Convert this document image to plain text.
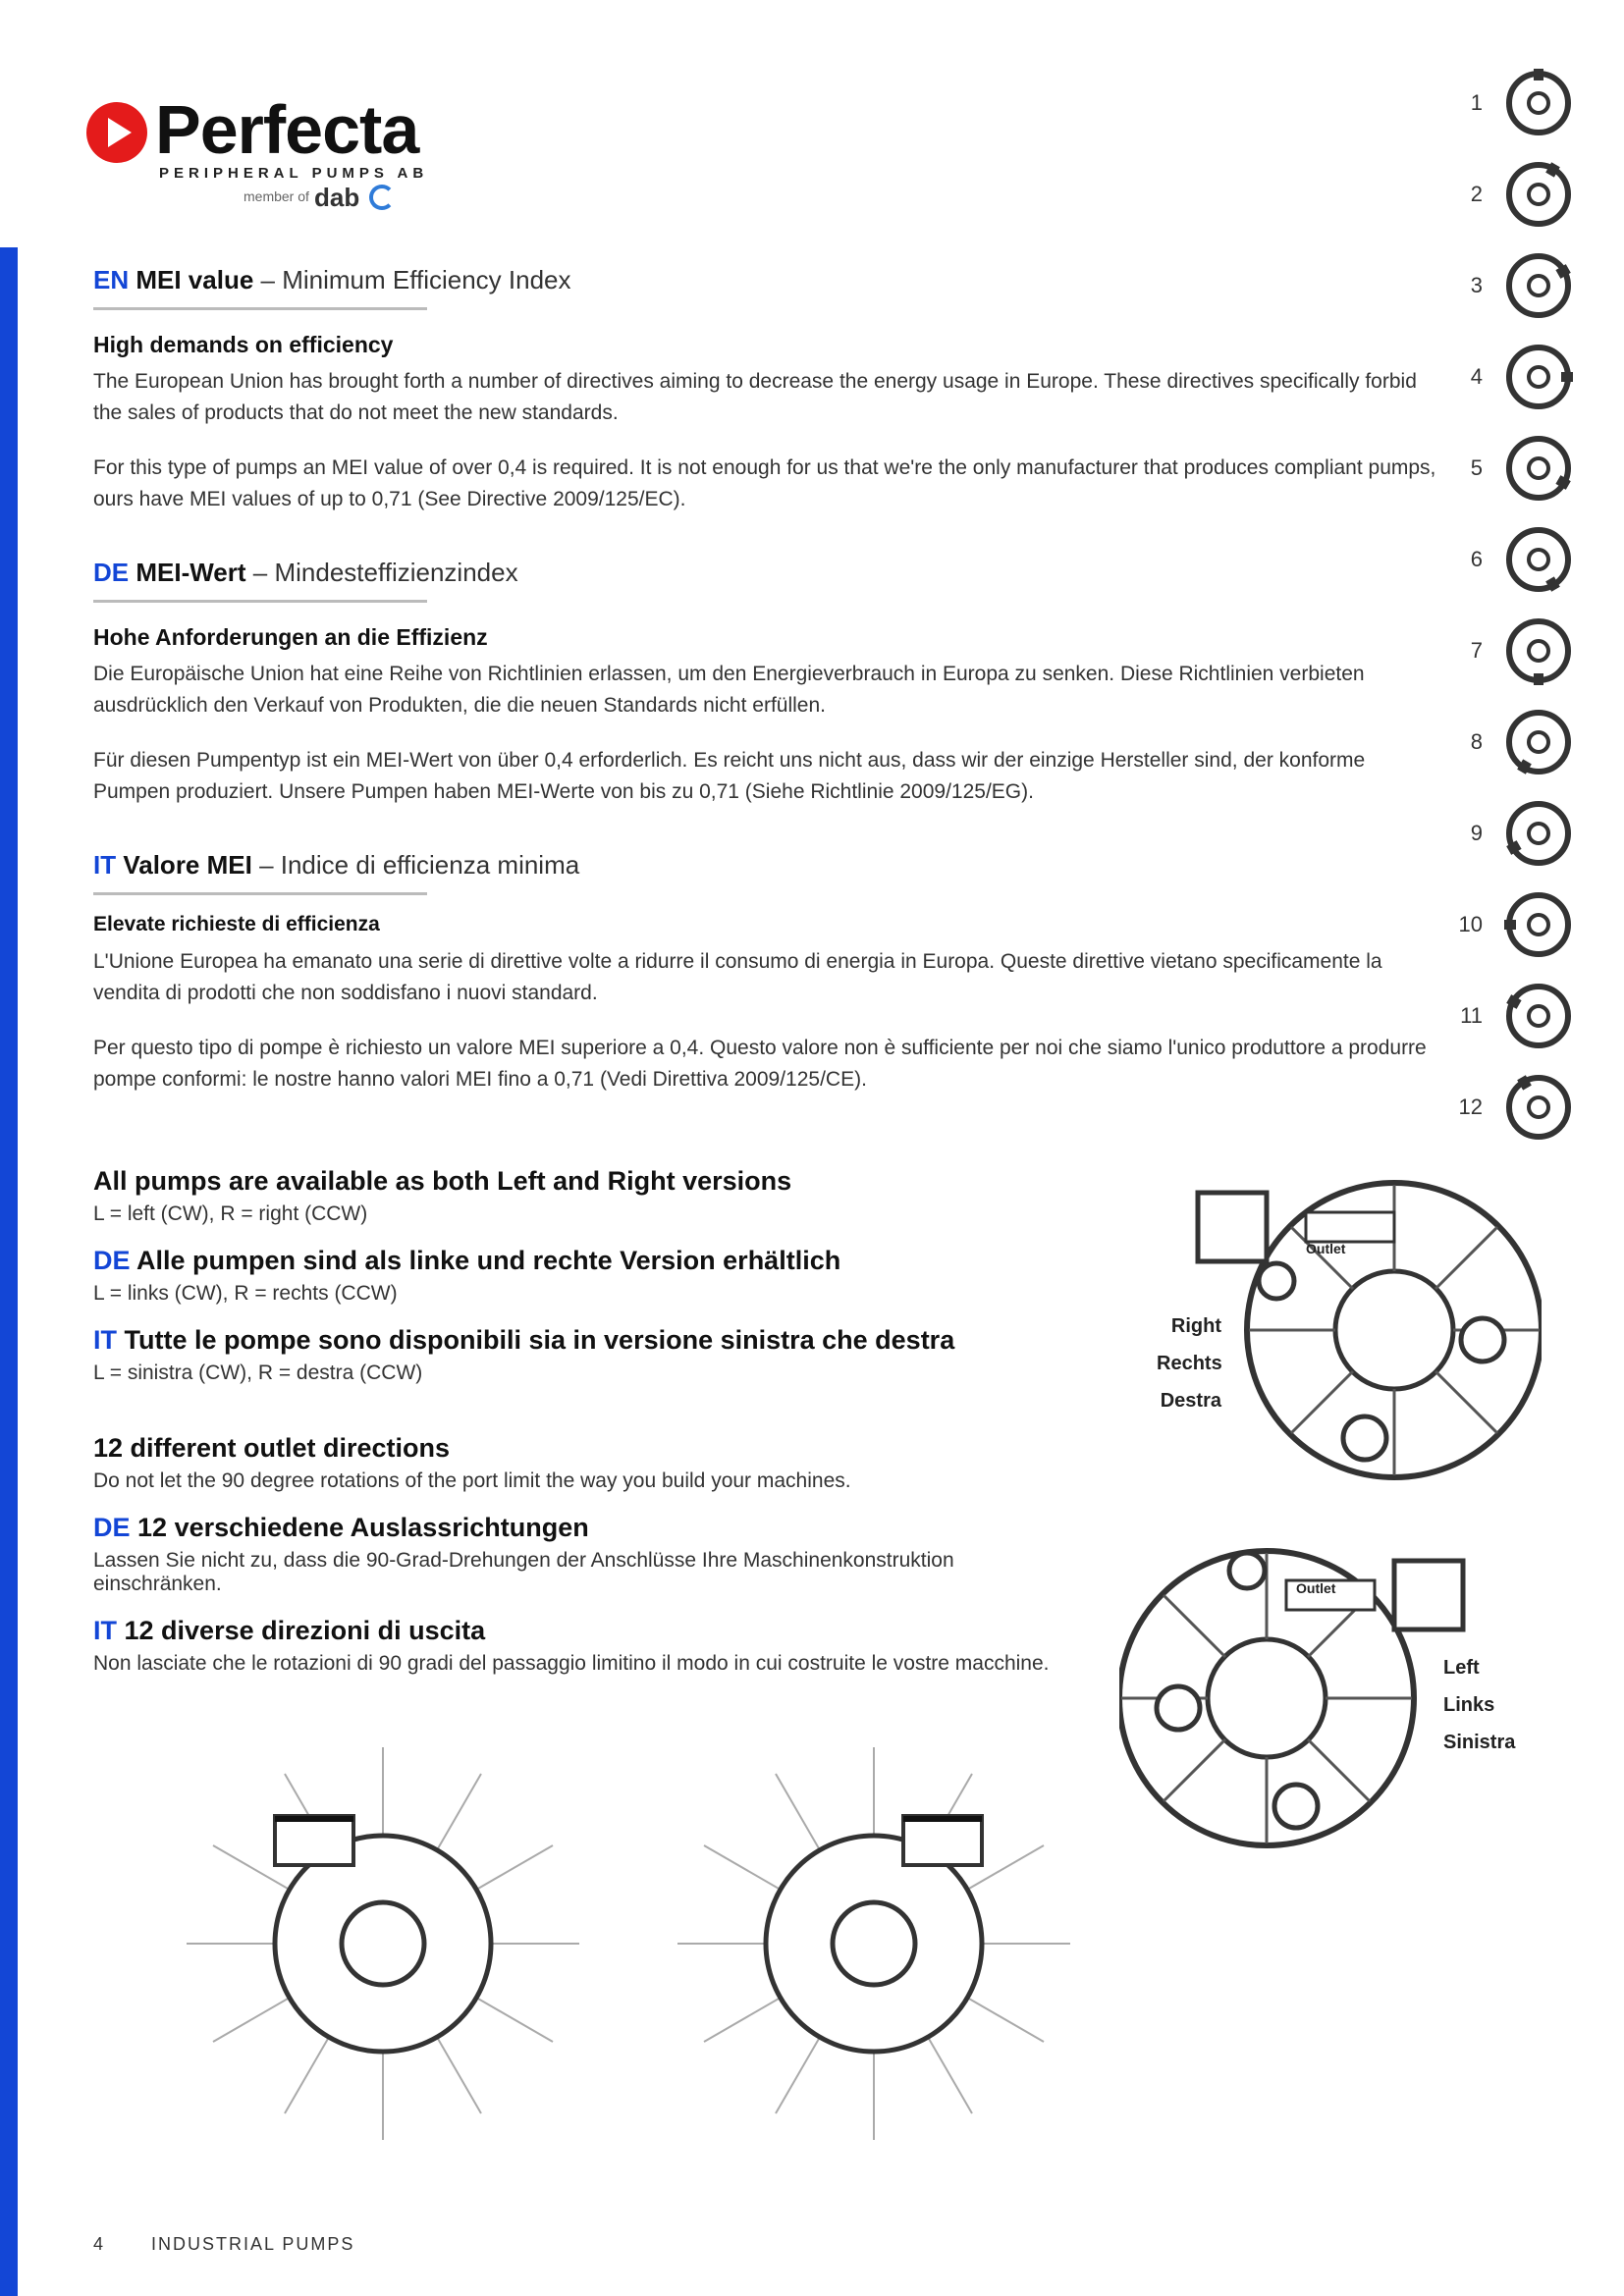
Perfecta
PERIPHERAL PUMPS AB
member of dab

EN MEI value – Minimum Efficiency Index

High demands on efficiency

The European Union has brought forth a number of directives aiming to decrease the energy usage in Europe. These directives specifically forbid the sales of products that do not meet the new standards.

For this type of pumps an MEI value of over 0,4 is required. It is not enough for us that we're the only manufacturer that produces compliant pumps, ours have MEI values of up to 0,71 (See Directive 2009/125/EC).

DE MEI-Wert – Mindesteffizienzindex

Hohe Anforderungen an die Effizienz

Die Europäische Union hat eine Reihe von Richtlinien erlassen, um den Energieverbrauch in Europa zu senken. Diese Richtlinien verbieten ausdrücklich den Verkauf von Produkten, die die neuen Standards nicht erfüllen.

Für diesen Pumpentyp ist ein MEI-Wert von über 0,4 erforderlich. Es reicht uns nicht aus, dass wir der einzige Hersteller sind, der konforme Pumpen produziert. Unsere Pumpen haben MEI-Werte von bis zu 0,71 (Siehe Richtlinie 2009/125/EG).

IT Valore MEI – Indice di efficienza minima

Elevate richieste di efficienza

L'Unione Europea ha emanato una serie di direttive volte a ridurre il consumo di energia in Europa. Queste direttive vietano specificamente la vendita di prodotti che non soddisfano i nuovi standard.

Per questo tipo di pompe è richiesto un valore MEI superiore a 0,4. Questo valore non è sufficiente per noi che siamo l'unico produttore a produrre pompe conformi: le nostre hanno valori MEI fino a 0,71 (Vedi Direttiva 2009/125/CE).

All pumps are available as both Left and Right versions

L = left (CW), R = right (CCW)

DE Alle pumpen sind als linke und rechte Version erhältlich

L = links (CW), R = rechts (CCW)

IT Tutte le pompe sono disponibili sia in versione sinistra che destra

L = sinistra (CW), R = destra (CCW)

12 different outlet directions

Do not let the 90 degree rotations of the port limit the way you build your machines.

DE 12 verschiedene Auslassrichtungen

Lassen Sie nicht zu, dass die 90-Grad-Drehungen der Anschlüsse Ihre Maschinenkonstruktion einschränken.

IT 12 diverse direzioni di uscita

Non lasciate che le rotazioni di 90 gradi del passaggio limitino il modo in cui costruite le vostre macchine.

1
2
3
4
5
6
7
8
9
10
11
12
Right
Rechts
Destra
Outlet
Left
Links
Sinistra
Outlet
4	INDUSTRIAL PUMPS
